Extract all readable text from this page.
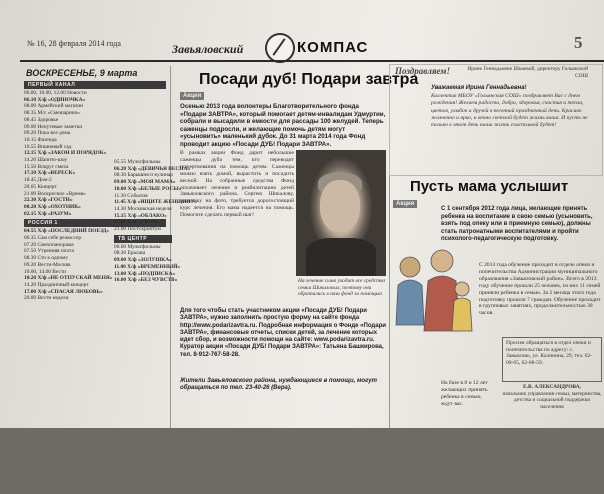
№ 16, 28 февраля 2014 года	Завьяловский	КОМПАС	5
ВОСКРЕСЕНЬЕ, 9 марта
ПЕРВЫЙ КАНАЛ
06.00, 10.00, 12.00 Новости
06.10 Х/ф «ОДИНОЧКА»
08.00 Армейский магазин
08.35 М/с «Смешарики»
08.45 Здоровье
09.00 Непутевые заметки
09.20 Пока все дома
10.15 Фазенда
10.55 Вишневый сад
12.15 Х/ф «ЗАКОН И ПОРЯДОК»
14.20 Шапито-шоу
15.50 Вокруг смеха
17.10 Х/ф «ВЕРЕСК»
18.45 Дом-2
20.05 Концерт
21.00 Воскресное «Время»
22.30 Х/ф «ГОСТИ»
00.20 Х/ф «ОХОТНИК»
02.15 Х/ф «РАЗУМ»
РОССИЯ 1
04.55 Х/ф «ПОСЛЕДНИЙ ПОЕЗД»
06.35 Сам себе режиссер
07.20 Смехопанорама
07.50 Утренняя почта
08.30 Сто к одному
09.20 Вести-Москва
10.00, 14.00 Вести
10.20 Х/ф «НЕ ОТПУСКАЙ МЕНЯ»
14.20 Праздничный концерт
17.00 Х/ф «СПАСАЯ ЛЮБОВЬ»
20.00 Вести недели
05.55 Мультфильмы
06.20 Х/ф «ДЕВИЧЬЯ ВЕСНА»
08.30 Барышня и кулинар
09.00 Х/ф «МОЯ МАМА»
10.00 Х/ф «БЕЛЫЕ РОСЫ»
11.30 События
11.45 Х/ф «ИЩИТЕ ЖЕНЩИНУ»
14.30 Московская неделя
15.15 Х/ф «ОБЛАКО»
17.05 Х/ф «СВОИ»
21.00 Постскриптум
ТВ ЦЕНТР
06.00 Мультфильмы
08.30 Ералаш
09.00 Х/ф «ЗОЛУШКА»
11.00 Х/ф «ВРЕМЕННЫЙ»
13.00 Х/ф «ПОДПИСКА»
16.00 Х/ф «БЕЗ ЧУВСТВ»
Посади дуб! Подари завтра
Акция
Осенью 2013 года волонтеры Благотворительного фонда «Подари ЗАВТРА», который помогает детям-инвалидам Удмуртии, собрали и высадили в емкости для рассады 100 желудей. Теперь саженцы подросли, и желающие помочь детям могут «усыновить» маленький дубок. До 31 марта 2014 года Фонд проводит акцию «Посади ДУБ! Подари ЗАВТРА».
В рамках акции Фонд дарит небольшие саженцы дуба тем, кто переводит пожертвования на помощь детям. Саженцы можно взять домой, вырастить и посадить весной. На собранные средства Фонд оплачивает лечение и реабилитацию детей Завьяловского района. Сергею Шикалову, мальчику на фото, требуется дорогостоящий курс лечения. Его мама надеется на помощь. Помогите сделать первый шаг!
На лечение сына уходит все средства семьи Шикаловых, поэтому они обратились в наш фонд за помощью
Для того чтобы стать участником акции «Посади ДУБ! Подари ЗАВТРА», нужно заполнить простую форму на сайте фонда http://www.podarizavtra.ru. Подробная информация о Фонде «Подари ЗАВТРА», финансовые отчеты, списки детей, за лечение которых идет сбор, и возможности помощи на сайте: www.podarizavtra.ru. Куратор акции «Посади ДУБ! Подари ЗАВТРА»: Татьяна Башкирова, тел. 8-912-767-58-28.
Жители Завьяловского района, нуждающиеся в помощи, могут обращаться по тел. 23-40-26 (Вера).
Поздравляем!	Ирине Геннадьевне Шкаевой, директору Гольянской СОШ
Уважаемая Ирина Геннадьевна!
Коллектив МБОУ «Гольянская СОШ» поздравляет Вас с днем рождения! Желаем радости, добра, здоровья, счастья и тепла, цветов, улыбок и друзей в весенний праздничный день. Красиво жизненно и ярко, и вечно светлой будет жизнь ваша. И пусть не только в этот день наши жизнь счастливой будет!
Пусть мама услышит
Акция
С 1 сентября 2012 года лица, желающие принять ребенка на воспитание в свою семью (усыновить, взять под опеку или в приемную семью), должны стать патронатными воспитателями и пройти психолого-педагогическую подготовку.
С 2013 года обучение проходит в отделе опеки и попечительства Администрации муниципального образования «Завьяловский район». Всего в 2013 году обучение прошли 25 человек, из них 11 семей приняли ребенка в семью. За 2 месяца этого года подготовку прошли 7 граждан. Обучение проходит в групповых занятиях, продолжительностью 30 часов.
На базе в 8 и 12 лет желающих принять ребенка в семью, ждут вас.
Просим обращаться в отдел опеки и попечительства по адресу: с. Завьялово, ул. Калинина, 29, тел. 62-09-05, 62-08-59.
Е.В. АЛЕКСАНДРОВА,
начальник управления семьи, материнства, детства и социальной поддержки населения
